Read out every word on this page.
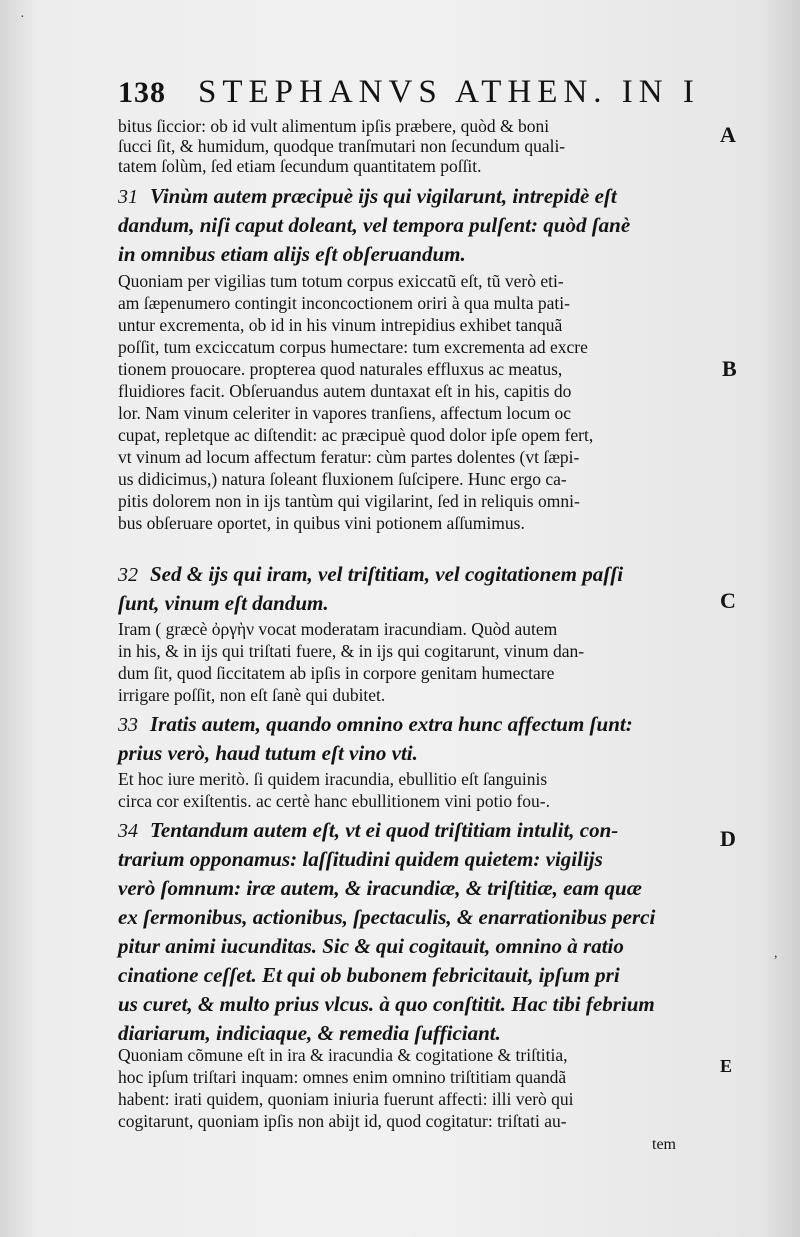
138 STEPHANVS ATHEN. IN I
bitus ſiccior: ob id vult alimentum ipſis præbere, quòd & boni
ſucci ſit, & humidum, quodque tranſmutari non ſecundum quali-
tatem ſolùm, ſed etiam ſecundum quantitatem poſſit.
31 Vinùm autem præcipuè ijs qui vigilarunt, intrepidè eſt
dandum, niſi caput doleant, vel tempora pulſent: quòd ſanè
in omnibus etiam alijs eſt obſeruandum.
Quoniam per vigilias tum totum corpus exiccatũ eſt, tũ verò eti-
am ſæpenumero contingit inconcoctionem oriri à qua multa pati-
untur excrementa, ob id in his vinum intrepidius exhibet tanquã
poſſit, tum exciccatum corpus humectare: tum excrementa ad excre
tionem prouocare. propterea quod naturales effluxus ac meatus,
fluidiores facit. Obſeruandus autem duntaxat eſt in his, capitis do
lor. Nam vinum celeriter in vapores tranſiens, affectum locum oc
cupat, repletque ac diſtendit: ac præcipuè quod dolor ipſe opem fert,
vt vinum ad locum affectum feratur: cùm partes dolentes (vt ſæpi-
us didicimus,) natura ſoleant fluxionem ſuſcipere. Hunc ergo ca-
pitis dolorem non in ijs tantùm qui vigilarint, ſed in reliquis omni-
bus obſeruare oportet, in quibus vini potionem aſſumimus.
32 Sed & ijs qui iram, vel triſtitiam, vel cogitationem paſſi
ſunt, vinum eſt dandum.
Iram ( græcè ὀργὴν vocat moderatam iracundiam. Quòd autem
in his, & in ijs qui triſtati fuere, & in ijs qui cogitarunt, vinum dan-
dum ſit, quod ſiccitatem ab ipſis in corpore genitam humectare
irrigare poſſit, non eſt ſanè qui dubitet.
33 Iratis autem, quando omnino extra hunc affectum ſunt:
prius verò, haud tutum eſt vino vti.
Et hoc iure meritò. ſi quidem iracundia, ebullitio eſt ſanguinis
circa cor exiſtentis. ac certè hanc ebullitionem vini potio fou-.
34 Tentandum autem eſt, vt ei quod triſtitiam intulit, con-
trarium opponamus: laſſitudini quidem quietem: vigilijs
verò ſomnum: iræ autem, & iracundiæ, & triſtitiæ, eam quæ
ex ſermonibus, actionibus, ſpectaculis, & enarrationibus perci
pitur animi iucunditas. Sic & qui cogitauit, omnino à ratio
cinatione ceſſet. Et qui ob bubonem febricitauit, ipſum pri
us curet, & multo prius vlcus. à quo conſtitit. Hac tibi febrium
diariarum, indiciaque, & remedia ſufficiant.
Quoniam cõmune eſt in ira & iracundia & cogitatione & triſtitia,
hoc ipſum triſtari inquam: omnes enim omnino triſtitiam quandã
habent: irati quidem, quoniam iniuria fuerunt affecti: illi verò qui
cogitarunt, quoniam ipſis non abijt id, quod cogitatur: triſtati au-
tem
A
B
C
D
E
·
,
